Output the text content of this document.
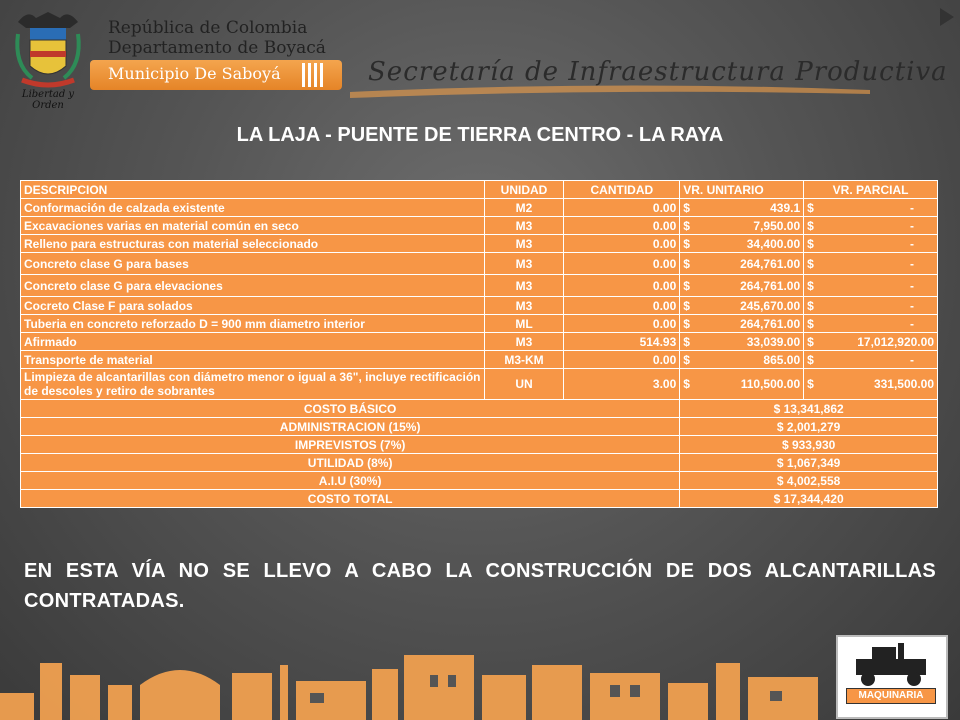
Libertad y Orden
República de Colombia
Departamento de Boyacá
Municipio De Saboyá	Secretaría de Infraestructura Productiva
LA LAJA - PUENTE DE TIERRA CENTRO - LA RAYA
DESCRIPCION	UNIDAD	CANTIDAD	VR. UNITARIO	VR. PARCIAL
Conformación de calzada existente	M2	0.00	$ 439.1	$ -

Excavaciones varias en material común en seco	M3	0.00	$ 7,950.00	$ -

Relleno para estructuras con material seleccionado	M3	0.00	$ 34,400.00	$ -

Concreto clase G para bases	M3	0.00	$ 264,761.00	$ -

Concreto clase G para elevaciones	M3	0.00	$ 264,761.00	$ -

Cocreto Clase F para solados	M3	0.00	$ 245,670.00	$ -

Tuberia en concreto reforzado D = 900 mm diametro interior	ML	0.00	$ 264,761.00	$ -

Afirmado	M3	514.93	$ 33,039.00	$ 17,012,920.00

Transporte de material	M3-KM	0.00	$ 865.00	$ -

Limpieza de alcantarillas con diámetro menor o igual a 36", incluye rectificación de descoles y retiro de sobrantes	UN	3.00	$ 110,500.00	$ 331,500.00

COSTO BÁSICO			$ 13,341,862	
ADMINISTRACION (15%)			$ 2,001,279	
IMPREVISTOS (7%)			$ 933,930	
UTILIDAD (8%)			$ 1,067,349	
A.I.U (30%)			$ 4,002,558	
COSTO TOTAL			$ 17,344,420	
EN ESTA VÍA NO SE LLEVO A CABO LA CONSTRUCCIÓN DE DOS ALCANTARILLAS CONTRATADAS.
MAQUINARIA
